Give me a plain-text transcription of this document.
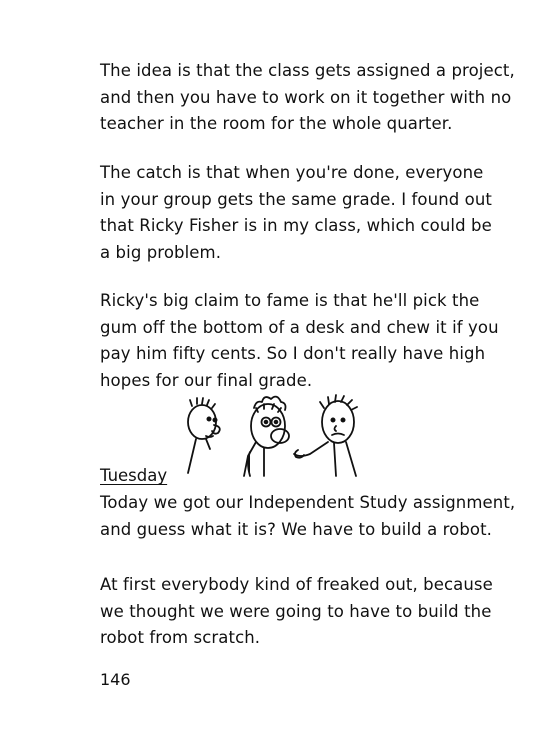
The idea is that the class gets assigned a project,
and then you have to work on it together with no
teacher in the room for the whole quarter.
The catch is that when you're done, everyone
in your group gets the same grade. I found out
that Ricky Fisher is in my class, which could be
a big problem.
Ricky's big claim to fame is that he'll pick the
gum off the bottom of a desk and chew it if you
pay him fifty cents. So I don't really have high
hopes for our final grade.
Tuesday
Today we got our Independent Study assignment,
and guess what it is? We have to build a robot.
At first everybody kind of freaked out, because
we thought we were going to have to build the
robot from scratch.
146
